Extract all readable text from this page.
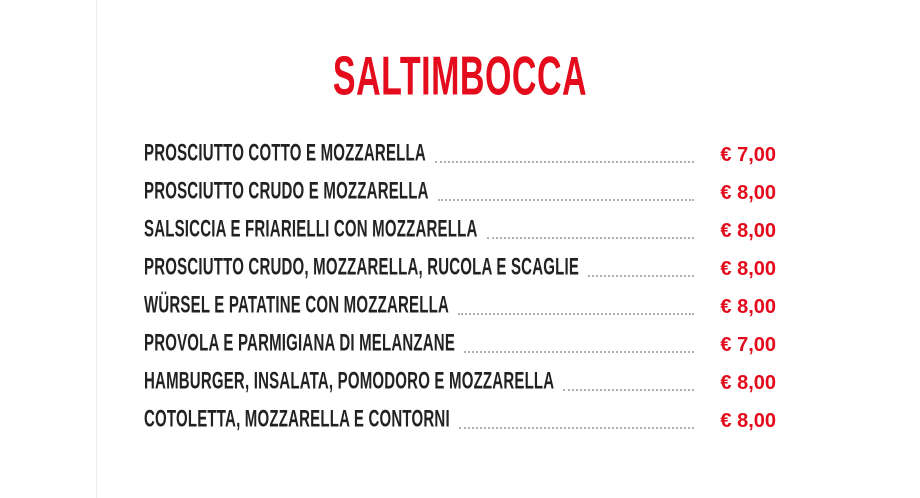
SALTIMBOCCA
PROSCIUTTO COTTO E MOZZARELLA	€ 7,00
PROSCIUTTO CRUDO E MOZZARELLA	€ 8,00
SALSICCIA E FRIARIELLI CON MOZZARELLA	€ 8,00
PROSCIUTTO CRUDO, MOZZARELLA, RUCOLA E SCAGLIE	€ 8,00
WÜRSEL E PATATINE CON MOZZARELLA	€ 8,00
PROVOLA E PARMIGIANA DI MELANZANE	€ 7,00
HAMBURGER, INSALATA, POMODORO E MOZZARELLA	€ 8,00
COTOLETTA, MOZZARELLA E CONTORNI	€ 8,00
